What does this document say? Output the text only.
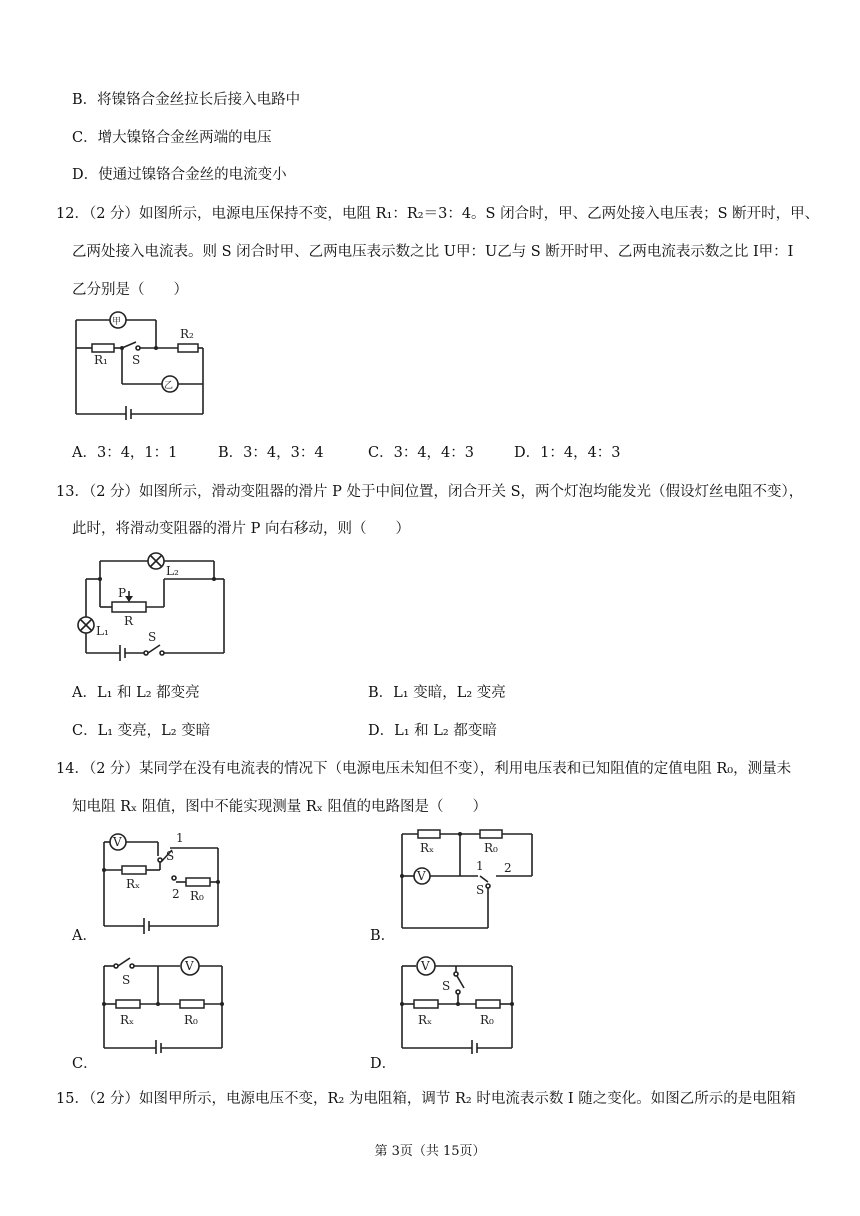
B．将镍铬合金丝拉长后接入电路中
C．增大镍铬合金丝两端的电压
D．使通过镍铬合金丝的电流变小
12．（2 分）如图所示，电源电压保持不变，电阻 R₁：R₂＝3：4。S 闭合时，甲、乙两处接入电压表；S 断开时，甲、
乙两处接入电流表。则 S 闭合时甲、乙两电压表示数之比 U甲：U乙与 S 断开时甲、乙两电流表示数之比 I甲：I
乙分别是（　　）
甲
R₁ S
R₂
乙
A．3：4，1：1	B．3：4，3：4	C．3：4，4：3	D．1：4，4：3
13．（2 分）如图所示，滑动变阻器的滑片 P 处于中间位置，闭合开关 S，两个灯泡均能发光（假设灯丝电阻不变），
此时，将滑动变阻器的滑片 P 向右移动，则（　　）
L₂
P
R
L₁	S
A．L₁ 和 L₂ 都变亮	B．L₁ 变暗，L₂ 变亮
C．L₁ 变亮，L₂ 变暗	D．L₁ 和 L₂ 都变暗
14．（2 分）某同学在没有电流表的情况下（电源电压未知但不变），利用电压表和已知阻值的定值电阻 R₀，测量未
知电阻 Rₓ 阻值，图中不能实现测量 Rₓ 阻值的电路图是（　　）
V	1
S
Rₓ
2 R₀
A．
Rₓ	R₀
V
1 2
S
B．
S
V
Rₓ	R₀
C．
V
S
Rₓ	R₀
D．
15．（2 分）如图甲所示，电源电压不变，R₂ 为电阻箱，调节 R₂ 时电流表示数 I 随之变化。如图乙所示的是电阻箱
第 3页（共 15页）
